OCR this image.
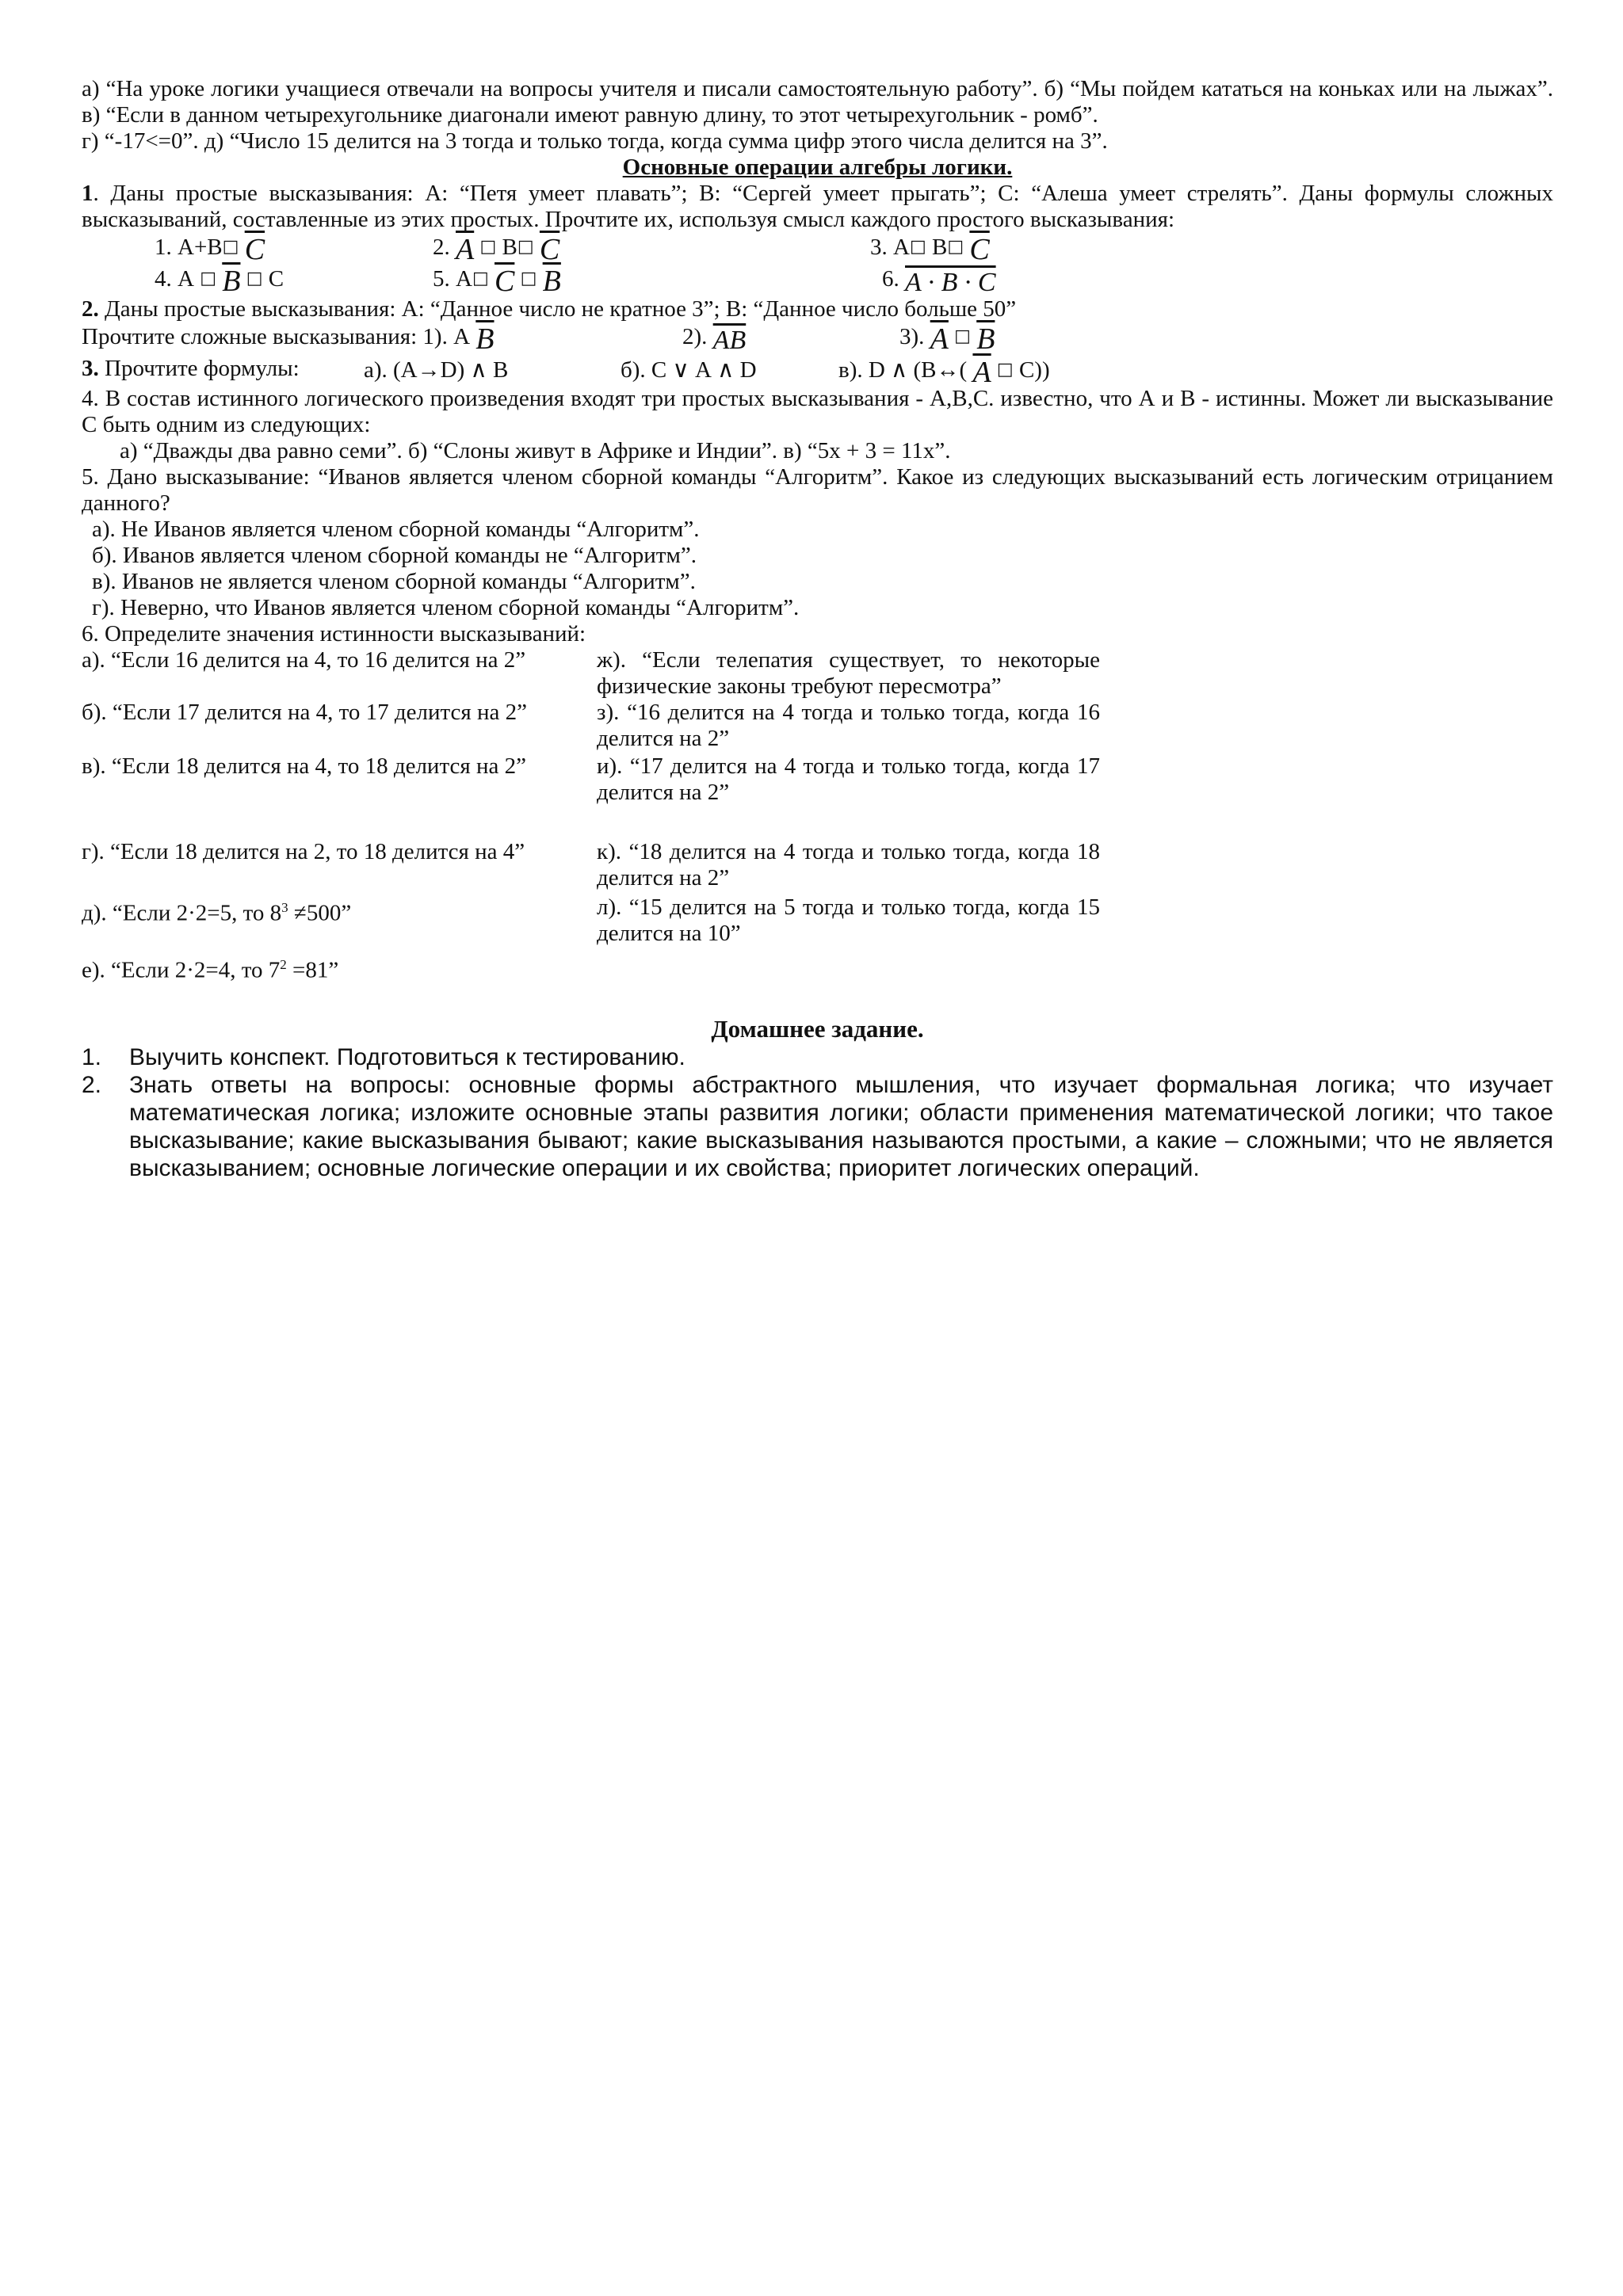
а) “На уроке логики учащиеся отвечали на вопросы учителя и писали самостоятельную работу”. б) “Мы пойдем кататься на коньках или на лыжах”. в) “Если в данном четырехугольнике диагонали имеют равную длину, то этот четырехугольник - ромб”.

г) “-17<=0”. д) “Число 15 делится на 3 тогда и только тогда, когда сумма цифр этого числа делится на 3”.

Основные операции алгебры логики.

1. Даны простые высказывания: А: “Петя умеет плавать”; В: “Сергей умеет прыгать”; С: “Алеша умеет стрелять”. Даны формулы сложных высказываний, составленные из этих простых. Прочтите их, используя смысл каждого простого высказывания:

1. А+В□ $\overline{C}$	2. $\overline{A}$ □ В□ $\overline{C}$	3. А□ В□ $\overline{C}$
4. А □ $\overline{B}$ □ С	5. А□ $\overline{C}$ □ $\overline{B}$	6. A · B · C

2. Даны простые высказывания: А: “Данное число не кратное 3”; В: “Данное число больше 50”

Прочтите сложные высказывания: 1). А $\overline{B}$	2). $\overline{AB}$	3). $\overline{A}$ □ $\overline{B}$
3. Прочтите формулы:	а). (А→D) ∧ В	б). С ∨ А ∧ D	в). D ∧ (В↔( $\overline{A}$ □ С))

4. В состав истинного логического произведения входят три простых высказывания - А,В,С. известно, что А и В - истинны. Может ли высказывание С быть одним из следующих:

а) “Дважды два равно семи”. б) “Слоны живут в Африке и Индии”. в) “5х + 3 = 11х”.

5. Дано высказывание: “Иванов является членом сборной команды “Алгоритм”. Какое из следующих высказываний есть логическим отрицанием данного?

а). Не Иванов является членом сборной команды “Алгоритм”.

б). Иванов является членом сборной команды не “Алгоритм”.

в). Иванов не является членом сборной команды “Алгоритм”.

г). Неверно, что Иванов является членом сборной команды “Алгоритм”.

6. Определите значения истинности высказываний:

а). “Если 16 делится на 4, то 16 делится на 2”	ж). “Если телепатия существует, то некоторые физические законы требуют пересмотра”
б). “Если 17 делится на 4, то 17 делится на 2”	з). “16 делится на 4 тогда и только тогда, когда 16 делится на 2”
в). “Если 18 делится на 4, то 18 делится на 2”	и). “17 делится на 4 тогда и только тогда, когда 17 делится на 2”
г). “Если 18 делится на 2, то 18 делится на 4”	к). “18 делится на 4 тогда и только тогда, когда 18 делится на 2”
д). “Если 2·2=5, то $8^3 \ne 500$”	л). “15 делится на 5 тогда и только тогда, когда 15 делится на 10”
е). “Если 2·2=4, то $7^2 =81$”

Домашнее задание.

1.	Выучить конспект. Подготовиться к тестированию.
2.	Знать ответы на вопросы: основные формы абстрактного мышления, что изучает формальная логика; что изучает математическая логика; изложите основные этапы развития логики; области применения математической логики; что такое высказывание; какие высказывания бывают; какие высказывания называются простыми, а какие – сложными; что не является высказыванием; основные логические операции и их свойства; приоритет логических операций.
